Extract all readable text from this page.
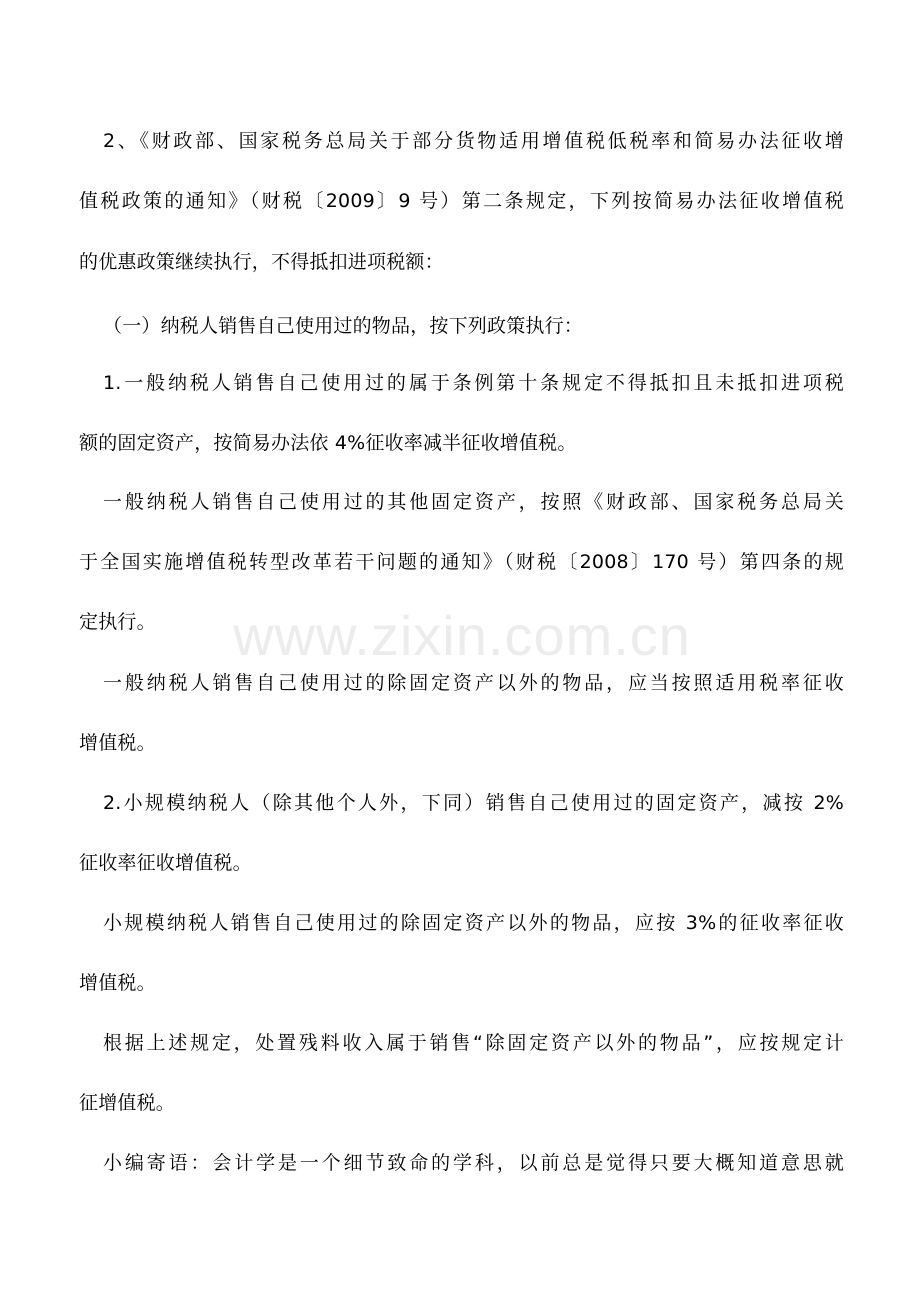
www.zixin.com.cn
2、《财政部、国家税务总局关于部分货物适用增值税低税率和简易办法征收增
值税政策的通知》（财税〔2009〕9 号）第二条规定，下列按简易办法征收增值税
的优惠政策继续执行，不得抵扣进项税额：
（一）纳税人销售自己使用过的物品，按下列政策执行：
1.一般纳税人销售自己使用过的属于条例第十条规定不得抵扣且未抵扣进项税
额的固定资产，按简易办法依 4%征收率减半征收增值税。
一般纳税人销售自己使用过的其他固定资产，按照《财政部、国家税务总局关
于全国实施增值税转型改革若干问题的通知》（财税〔2008〕170 号）第四条的规
定执行。
一般纳税人销售自己使用过的除固定资产以外的物品，应当按照适用税率征收
增值税。
2.小规模纳税人（除其他个人外，下同）销售自己使用过的固定资产，减按 2%
征收率征收增值税。
小规模纳税人销售自己使用过的除固定资产以外的物品，应按 3%的征收率征收
增值税。
根据上述规定，处置残料收入属于销售“除固定资产以外的物品”，应按规定计
征增值税。
小编寄语：会计学是一个细节致命的学科，以前总是觉得只要大概知道意思就
